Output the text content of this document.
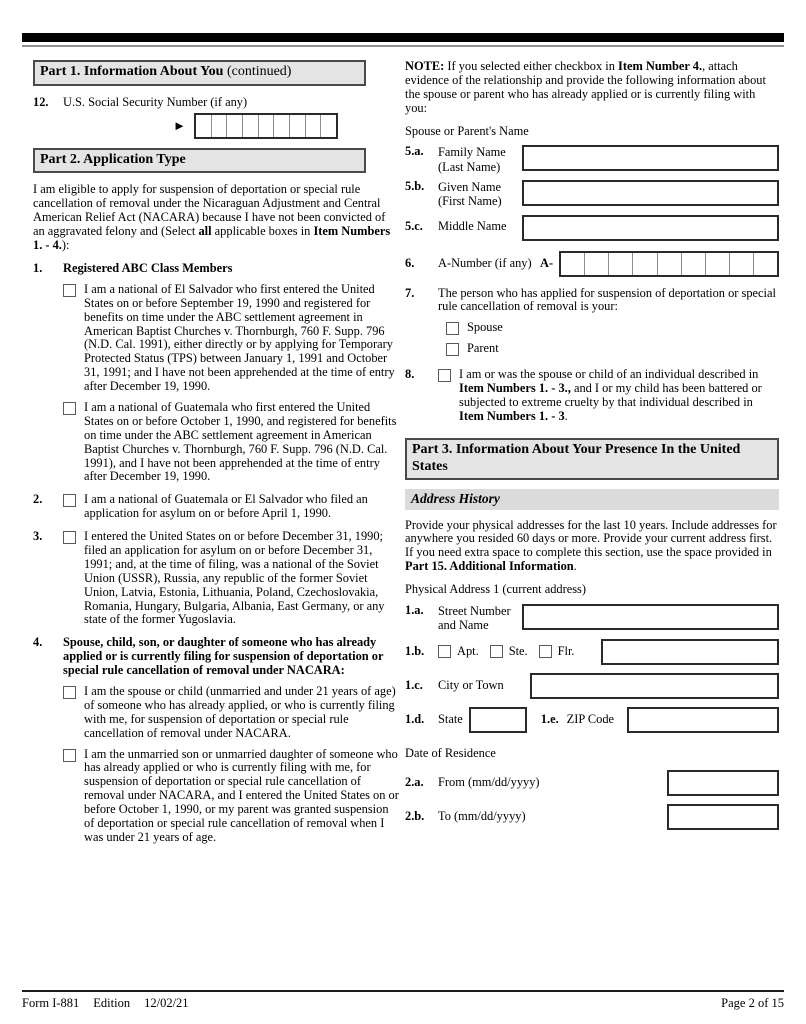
Part 1. Information About You (continued)
12.	U.S. Social Security Number (if any)
►
Part 2. Application Type
I am eligible to apply for suspension of deportation or special rule cancellation of removal under the Nicaraguan Adjustment and Central American Relief Act (NACARA) because I have not been convicted of an aggravated felony and (Select all applicable boxes in Item Numbers 1. - 4.):
1.	Registered ABC Class Members
I am a national of El Salvador who first entered the United States on or before September 19, 1990 and registered for benefits on time under the ABC settlement agreement in American Baptist Churches v. Thornburgh, 760 F. Supp. 796 (N.D. Cal. 1991), either directly or by applying for Temporary Protected Status (TPS) between January 1, 1991 and October 31, 1991; and I have not been apprehended at the time of entry after December 19, 1990.
I am a national of Guatemala who first entered the United States on or before October 1, 1990, and registered for benefits on time under the ABC settlement agreement in American Baptist Churches v. Thornburgh, 760 F. Supp. 796 (N.D. Cal. 1991), and I have not been apprehended at the time of entry after December 19, 1990.
2.	I am a national of Guatemala or El Salvador who filed an application for asylum on or before April 1, 1990.
3.	I entered the United States on or before December 31, 1990; filed an application for asylum on or before December 31, 1991; and, at the time of filing, was a national of the Soviet Union (USSR), Russia, any republic of the former Soviet Union, Latvia, Estonia, Lithuania, Poland, Czechoslovakia, Romania, Hungary, Bulgaria, Albania, East Germany, or any state of the former Yugoslavia.
4.	Spouse, child, son, or daughter of someone who has already applied or is currently filing for suspension of deportation or special rule cancellation of removal under NACARA:
I am the spouse or child (unmarried and under 21 years of age) of someone who has already applied, or who is currently filing with me, for suspension of deportation or special rule cancellation of removal under NACARA.
I am the unmarried son or unmarried daughter of someone who has already applied or who is currently filing with me, for suspension of deportation or special rule cancellation of removal under NACARA, and I entered the United States on or before October 1, 1990, or my parent was granted suspension of deportation or special rule cancellation of removal when I was under 21 years of age.
NOTE: If you selected either checkbox in Item Number 4., attach evidence of the relationship and provide the following information about the spouse or parent who has already applied or is currently filing with you:
Spouse or Parent's Name
5.a.	Family Name
(Last Name)
5.b.	Given Name
(First Name)
5.c.	Middle Name
6.	A-Number (if any) A-
7.	The person who has applied for suspension of deportation or special rule cancellation of removal is your:
Spouse
Parent
8.	I am or was the spouse or child of an individual described in Item Numbers 1. - 3., and I or my child has been battered or subjected to extreme cruelty by that individual described in Item Numbers 1. - 3.
Part 3. Information About Your Presence In the United States
Address History
Provide your physical addresses for the last 10 years. Include addresses for anywhere you resided 60 days or more. Provide your current address first. If you need extra space to complete this section, use the space provided in Part 15. Additional Information.
Physical Address 1 (current address)
1.a.	Street Number
and Name
1.b.	Apt. Ste. Flr.
1.c.	City or Town
1.d.	State	1.e. ZIP Code
Date of Residence
2.a.	From (mm/dd/yyyy)
2.b.	To (mm/dd/yyyy)
Form I-881 Edition 12/02/21	Page 2 of 15
